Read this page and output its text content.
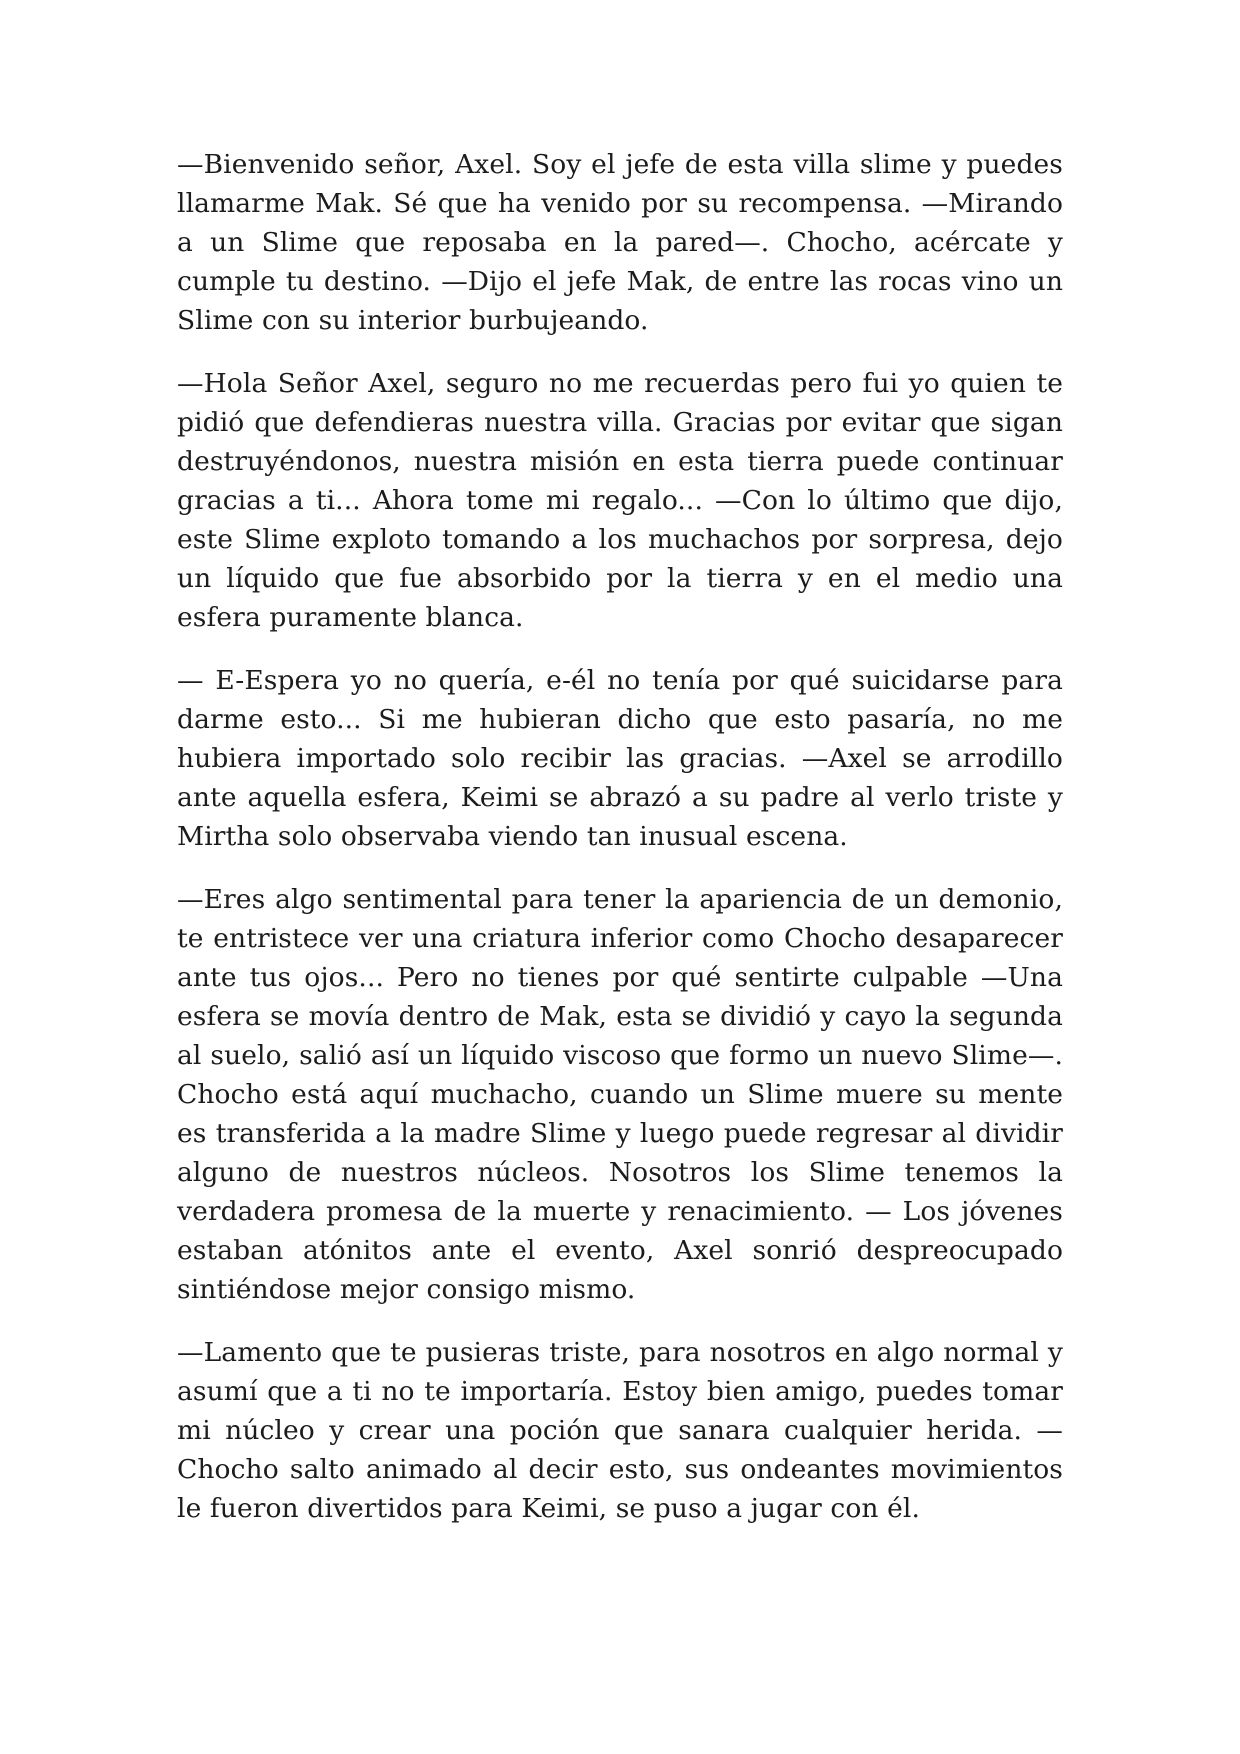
—Bienvenido señor, Axel. Soy el jefe de esta villa slime y puedes llamarme Mak. Sé que ha venido por su recompensa. —Mirando a un Slime que reposaba en la pared—. Chocho, acércate y cumple tu destino. —Dijo el jefe Mak, de entre las rocas vino un Slime con su interior burbujeando.

—Hola Señor Axel, seguro no me recuerdas pero fui yo quien te pidió que defendieras nuestra villa. Gracias por evitar que sigan destruyéndonos, nuestra misión en esta tierra puede continuar gracias a ti... Ahora tome mi regalo... —Con lo último que dijo, este Slime exploto tomando a los muchachos por sorpresa, dejo un líquido que fue absorbido por la tierra y en el medio una esfera puramente blanca.

— E-Espera yo no quería, e-él no tenía por qué suicidarse para darme esto... Si me hubieran dicho que esto pasaría, no me hubiera importado solo recibir las gracias. —Axel se arrodillo ante aquella esfera, Keimi se abrazó a su padre al verlo triste y Mirtha solo observaba viendo tan inusual escena.

—Eres algo sentimental para tener la apariencia de un demonio, te entristece ver una criatura inferior como Chocho desaparecer ante tus ojos... Pero no tienes por qué sentirte culpable —Una esfera se movía dentro de Mak, esta se dividió y cayo la segunda al suelo, salió así un líquido viscoso que formo un nuevo Slime—. Chocho está aquí muchacho, cuando un Slime muere su mente es transferida a la madre Slime y luego puede regresar al dividir alguno de nuestros núcleos. Nosotros los Slime tenemos la verdadera promesa de la muerte y renacimiento. — Los jóvenes estaban atónitos ante el evento, Axel sonrió despreocupado sintiéndose mejor consigo mismo.

—Lamento que te pusieras triste, para nosotros en algo normal y asumí que a ti no te importaría. Estoy bien amigo, puedes tomar mi núcleo y crear una poción que sanara cualquier herida. —Chocho salto animado al decir esto, sus ondeantes movimientos le fueron divertidos para Keimi, se puso a jugar con él.
